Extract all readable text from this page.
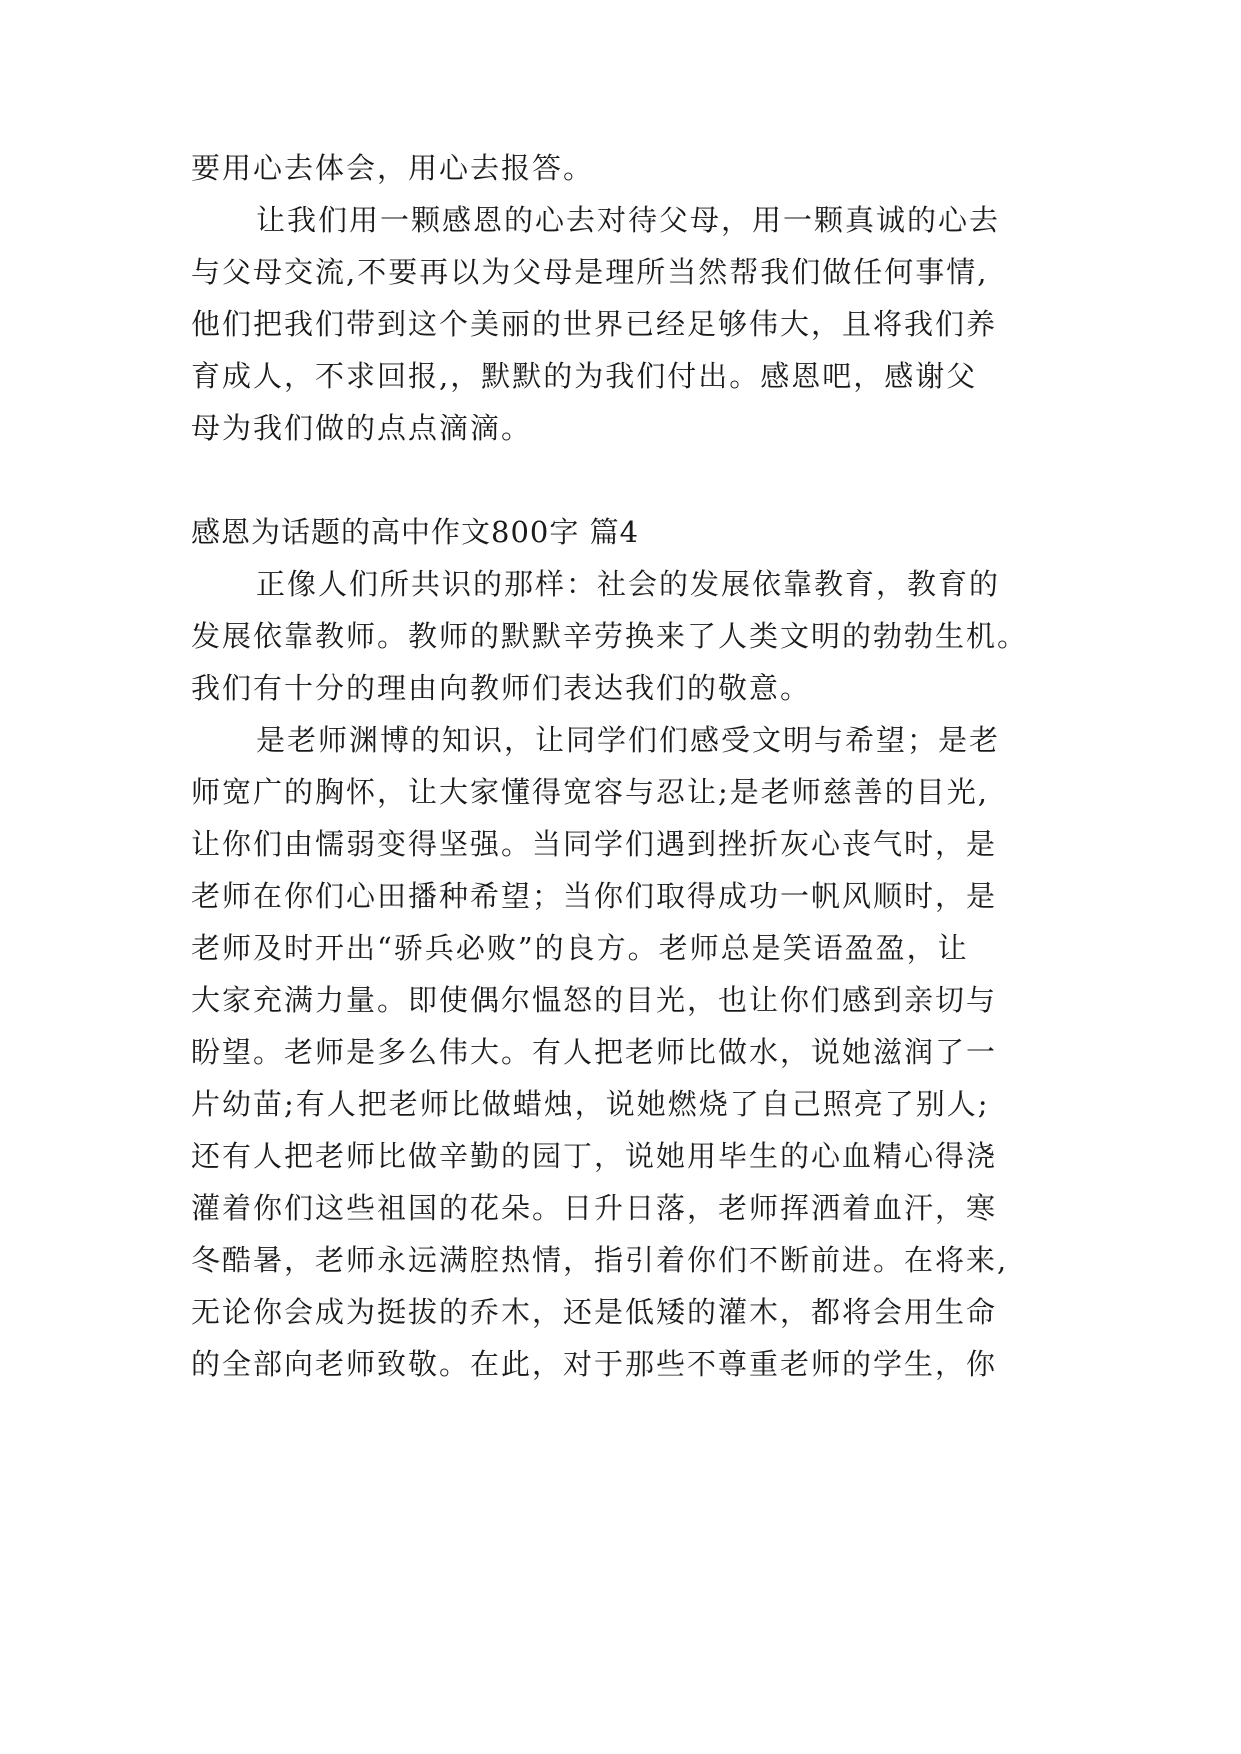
要用心去体会，用心去报答。
让我们用一颗感恩的心去对待父母，用一颗真诚的心去
与父母交流,不要再以为父母是理所当然帮我们做任何事情,
他们把我们带到这个美丽的世界已经足够伟大，且将我们养
育成人，不求回报,，默默的为我们付出。感恩吧，感谢父
母为我们做的点点滴滴。
感恩为话题的高中作文800字 篇4
正像人们所共识的那样：社会的发展依靠教育，教育的
发展依靠教师。教师的默默辛劳换来了人类文明的勃勃生机。
我们有十分的理由向教师们表达我们的敬意。
是老师渊博的知识，让同学们们感受文明与希望；是老
师宽广的胸怀，让大家懂得宽容与忍让;是老师慈善的目光,
让你们由懦弱变得坚强。当同学们遇到挫折灰心丧气时，是
老师在你们心田播种希望；当你们取得成功一帆风顺时，是
老师及时开出“骄兵必败”的良方。老师总是笑语盈盈，让
大家充满力量。即使偶尔愠怒的目光，也让你们感到亲切与
盼望。老师是多么伟大。有人把老师比做水，说她滋润了一
片幼苗;有人把老师比做蜡烛，说她燃烧了自己照亮了别人;
还有人把老师比做辛勤的园丁，说她用毕生的心血精心得浇
灌着你们这些祖国的花朵。日升日落，老师挥洒着血汗，寒
冬酷暑，老师永远满腔热情，指引着你们不断前进。在将来,
无论你会成为挺拔的乔木，还是低矮的灌木，都将会用生命
的全部向老师致敬。在此，对于那些不尊重老师的学生，你
